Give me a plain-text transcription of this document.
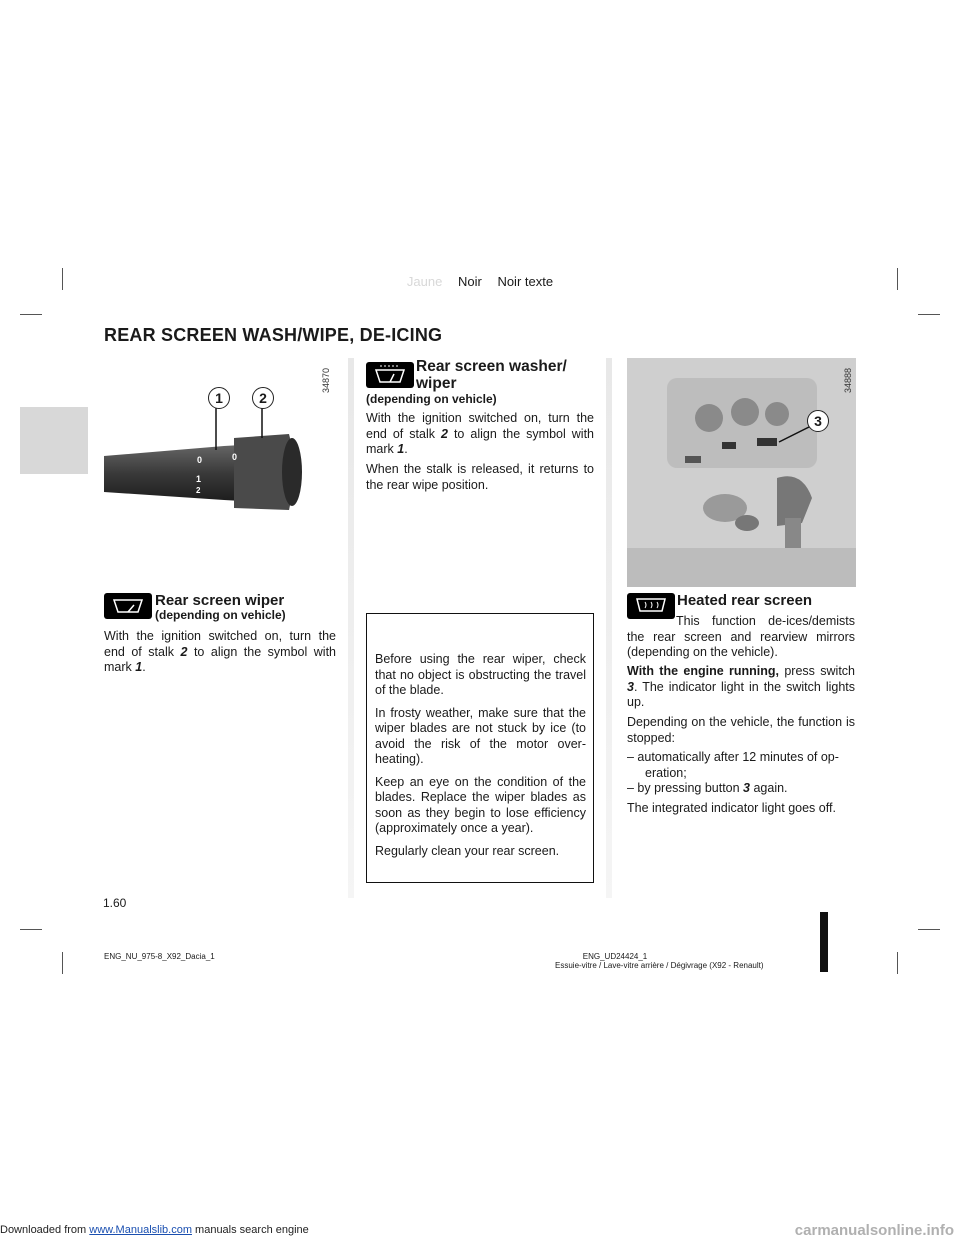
Jaune Noir Noir texte
REAR SCREEN WASH/WIPE, DE-ICING
1	2
0
1
2
0
34870
Rear screen wiper
(depending on vehicle)

With the ignition switched on, turn the end of stalk 2 to align the symbol with mark 1.

Rear screen washer/ wiper
(depending on vehicle)

With the ignition switched on, turn the end of stalk 2 to align the symbol with mark 1.

When the stalk is released, it returns to the rear wipe position.

Before using the rear wiper, check that no object is obstructing the travel of the blade.

In frosty weather, make sure that the wiper blades are not stuck by ice (to avoid the risk of the motor over-heating).

Keep an eye on the condition of the blades. Replace the wiper blades as soon as they begin to lose efficiency (approximately once a year).

Regularly clean your rear screen.

3
34888
Heated rear screen

This function de-ices/demists the rear screen and rearview mirrors (depending on the vehicle).

With the engine running, press switch 3. The indicator light in the switch lights up.

Depending on the vehicle, the function is stopped:

– automatically after 12 minutes of op-eration;
– by pressing button 3 again.

The integrated indicator light goes off.

1.60
ENG_NU_975-8_X92_Dacia_1	ENG_UD24424_1
Essuie-vitre / Lave-vitre arrière / Dégivrage (X92 - Renault)
Downloaded from www.Manualslib.com manuals search engine	carmanualsonline.info
